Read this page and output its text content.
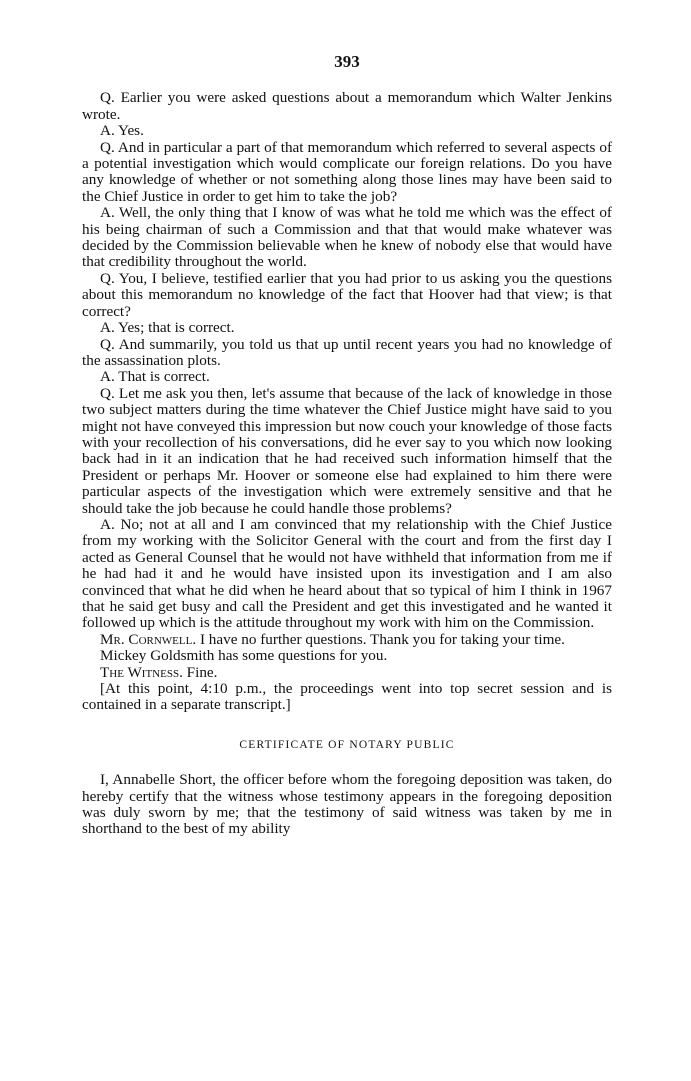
393

Q. Earlier you were asked questions about a memorandum which Walter Jenkins wrote.

A. Yes.

Q. And in particular a part of that memorandum which referred to several aspects of a potential investigation which would complicate our foreign relations. Do you have any knowledge of whether or not something along those lines may have been said to the Chief Justice in order to get him to take the job?

A. Well, the only thing that I know of was what he told me which was the effect of his being chairman of such a Commission and that that would make whatever was decided by the Commission believable when he knew of nobody else that would have that credibility throughout the world.

Q. You, I believe, testified earlier that you had prior to us asking you the questions about this memorandum no knowledge of the fact that Hoover had that view; is that correct?

A. Yes; that is correct.

Q. And summarily, you told us that up until recent years you had no knowledge of the assassination plots.

A. That is correct.

Q. Let me ask you then, let's assume that because of the lack of knowledge in those two subject matters during the time whatever the Chief Justice might have said to you might not have conveyed this impression but now couch your knowledge of those facts with your recollection of his conversations, did he ever say to you which now looking back had in it an indication that he had received such information himself that the President or perhaps Mr. Hoover or someone else had explained to him there were particular aspects of the investigation which were extremely sensitive and that he should take the job because he could handle those problems?

A. No; not at all and I am convinced that my relationship with the Chief Justice from my working with the Solicitor General with the court and from the first day I acted as General Counsel that he would not have withheld that information from me if he had had it and he would have insisted upon its investigation and I am also convinced that what he did when he heard about that so typical of him I think in 1967 that he said get busy and call the President and get this investigated and he wanted it followed up which is the attitude throughout my work with him on the Commission.

Mr. Cornwell. I have no further questions. Thank you for taking your time.

Mickey Goldsmith has some questions for you.

The Witness. Fine.

[At this point, 4:10 p.m., the proceedings went into top secret session and is contained in a separate transcript.]

CERTIFICATE OF NOTARY PUBLIC

I, Annabelle Short, the officer before whom the foregoing deposition was taken, do hereby certify that the witness whose testimony appears in the foregoing deposition was duly sworn by me; that the testimony of said witness was taken by me in shorthand to the best of my ability
